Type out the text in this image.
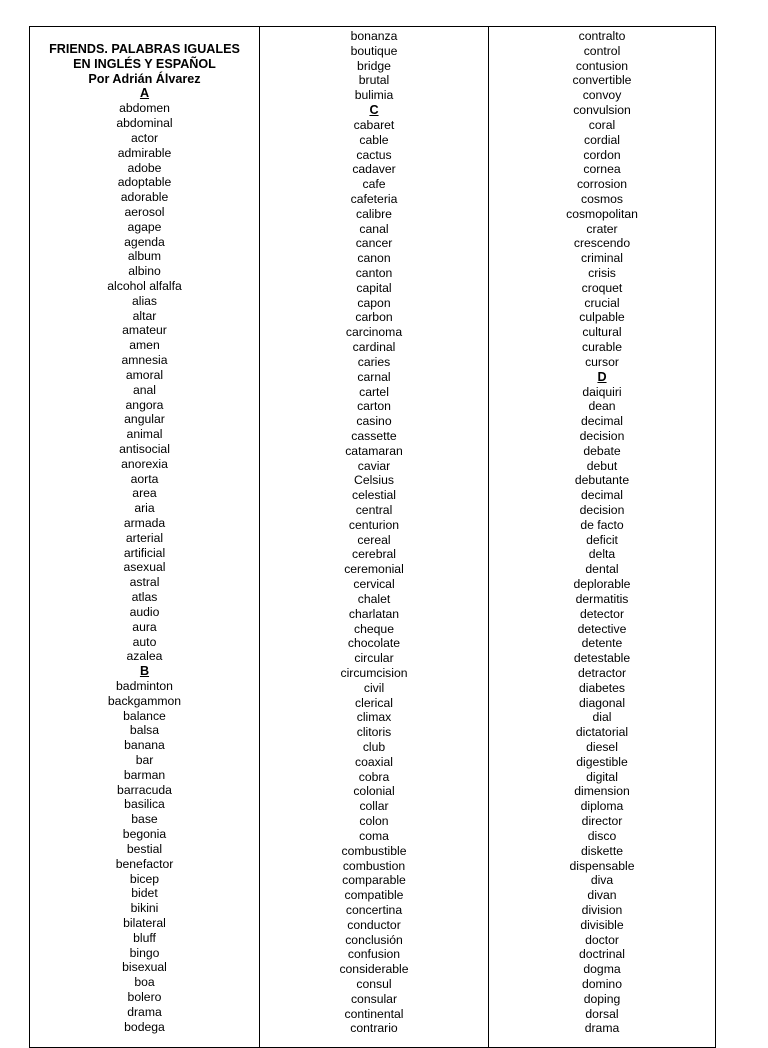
FRIENDS. PALABRAS IGUALES
EN INGLÉS Y ESPAÑOL
Por Adrián Álvarez
A
abdomen
abdominal
actor
admirable
adobe
adoptable
adorable
aerosol
agape
agenda
album
albino
alcohol alfalfa
alias
altar
amateur
amen
amnesia
amoral
anal
angora
angular
animal
antisocial
anorexia
aorta
area
aria
armada
arterial
artificial
asexual
astral
atlas
audio
aura
auto
azalea
B
badminton
backgammon
balance
balsa
banana
bar
barman
barracuda
basilica
base
begonia
bestial
benefactor
bicep
bidet
bikini
bilateral
bluff
bingo
bisexual
boa
bolero
drama
bodega
bonanza
boutique
bridge
brutal
bulimia
C
cabaret
cable
cactus
cadaver
cafe
cafeteria
calibre
canal
cancer
canon
canton
capital
capon
carbon
carcinoma
cardinal
caries
carnal
cartel
carton
casino
cassette
catamaran
caviar
Celsius
celestial
central
centurion
cereal
cerebral
ceremonial
cervical
chalet
charlatan
cheque
chocolate
circular
circumcision
civil
clerical
climax
clitoris
club
coaxial
cobra
colonial
collar
colon
coma
combustible
combustion
comparable
compatible
concertina
conductor
conclusión
confusion
considerable
consul
consular
continental
contrario
contralto
control
contusion
convertible
convoy
convulsion
coral
cordial
cordon
cornea
corrosion
cosmos
cosmopolitan
crater
crescendo
criminal
crisis
croquet
crucial
culpable
cultural
curable
cursor
D
daiquiri
dean
decimal
decision
debate
debut
debutante
decimal
decision
de facto
deficit
delta
dental
deplorable
dermatitis
detector
detective
detente
detestable
detractor
diabetes
diagonal
dial
dictatorial
diesel
digestible
digital
dimension
diploma
director
disco
diskette
dispensable
diva
divan
division
divisible
doctor
doctrinal
dogma
domino
doping
dorsal
drama
